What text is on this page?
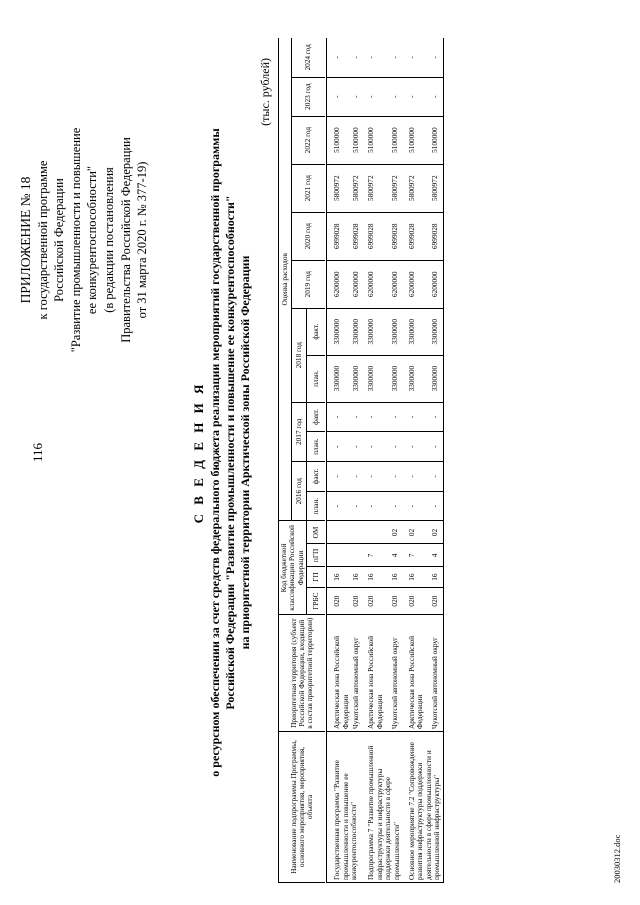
116
ПРИЛОЖЕНИЕ № 18 к государственной программе Российской Федерации "Развитие промышленности и повышение ее конкурентоспособности" (в редакции постановления Правительства Российской Федерации от 31 марта 2020 г. № 377-19)
С В Е Д Е Н И Я о ресурсном обеспечении за счет средств федерального бюджета реализации мероприятий государственной программы Российской Федерации "Развитие промышленности и повышение ее конкурентоспособности" на приоритетной территории Арктической зоны Российской Федерации
(тыс. рублей)
Наименование подпрограммы Программы, основного мероприятия, мероприятия, объекта	Приоритетная территория (субъект Российской Федерации, входящий в состав приоритетной территории)	Код бюджетной классификации Российской Федерации				Оценка расходов											
						2016 год		2017 год		2018 год		2019 год	2020 год	2021 год	2022 год	2023 год	2024 год
		ГРБС	ГП	пГП	ОМ	план.	факт.	план.	факт.	план.	факт.						

Государственная программа "Развитие промышленности и повышение ее конкурентоспособности"	Арктическая зона Российской Федерации	020	16			-	-	-	-	3300000	3300000	6200000	6999028	5800972	5100000	-	-
	Чукотский автономный округ	020	16			-	-	-	-	3300000	3300000	6200000	6999028	5800972	5100000	-	-
Подпрограмма 7 "Развитие промышленной инфраструктуры и инфраструктуры поддержки деятельности в сфере промышленности"	Арктическая зона Российской Федерации	020	16	7		-	-	-	-	3300000	3300000	6200000	6999028	5800972	5100000	-	-
	Чукотский автономный округ	020	16	4	02	-	-	-	-	3300000	3300000	6200000	6999028	5800972	5100000	-	-
Основное мероприятие 7.2 "Сопровождение развития инфраструктуры поддержки деятельности в сфере промышленности и промышленной инфраструктуры"	Арктическая зона Российской Федерации	020	16	7	02	-	-	-	-	3300000	3300000	6200000	6999028	5800972	5100000	-	-
	Чукотский автономный округ	020	16	4	02	-	-	-	-	3300000	3300000	6200000	6999028	5800972	5100000	-	-
20030312.doc
